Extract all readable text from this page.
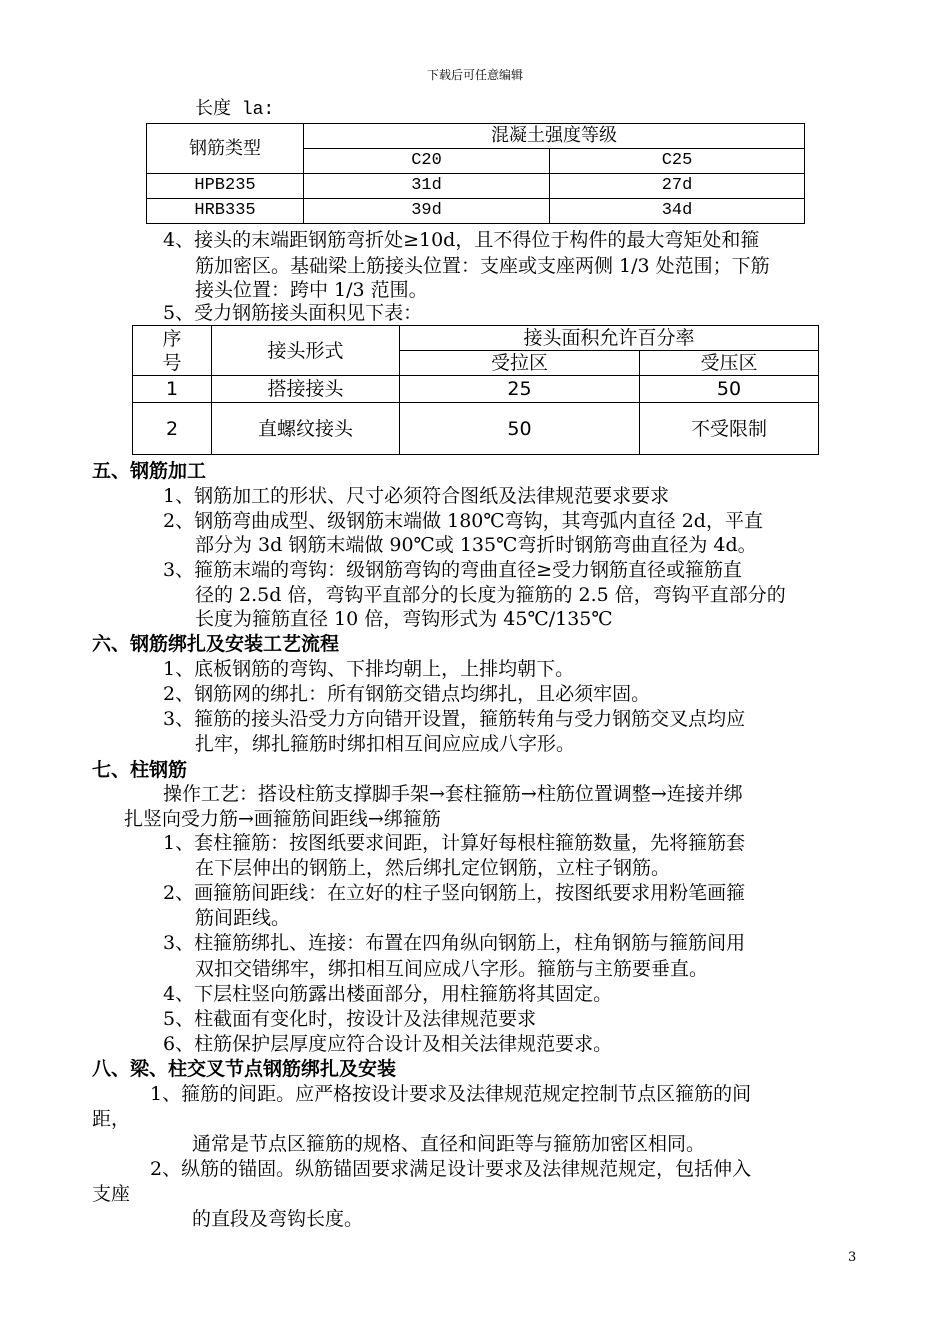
下载后可任意编辑
长度 la:
钢筋类型	混凝土强度等级	
	C20	C25
HPB235	31d	27d
HRB335	39d	34d
4、接头的末端距钢筋弯折处≥10d，且不得位于构件的最大弯矩处和箍
筋加密区。基础梁上筋接头位置：支座或支座两侧 1/3 处范围；下筋
接头位置：跨中 1/3 范围。
5、受力钢筋接头面积见下表：
序
号	接头形式	接头面积允许百分率	
		受拉区	受压区
1	搭接接头	25	50
2	直螺纹接头	50	不受限制
五、钢筋加工
1、钢筋加工的形状、尺寸必须符合图纸及法律规范要求要求
2、钢筋弯曲成型、级钢筋末端做 180℃弯钩，其弯弧内直径 2d，平直
部分为 3d 钢筋末端做 90℃或 135℃弯折时钢筋弯曲直径为 4d。
3、箍筋末端的弯钩：级钢筋弯钩的弯曲直径≥受力钢筋直径或箍筋直
径的 2.5d 倍，弯钩平直部分的长度为箍筋的 2.5 倍，弯钩平直部分的
长度为箍筋直径 10 倍，弯钩形式为 45℃/135℃
六、钢筋绑扎及安装工艺流程
1、底板钢筋的弯钩、下排均朝上，上排均朝下。
2、钢筋网的绑扎：所有钢筋交错点均绑扎，且必须牢固。
3、箍筋的接头沿受力方向错开设置，箍筋转角与受力钢筋交叉点均应
扎牢，绑扎箍筋时绑扣相互间应应成八字形。
七、柱钢筋
操作工艺：搭设柱筋支撑脚手架→套柱箍筋→柱筋位置调整→连接并绑
扎竖向受力筋→画箍筋间距线→绑箍筋
1、套柱箍筋：按图纸要求间距，计算好每根柱箍筋数量，先将箍筋套
在下层伸出的钢筋上，然后绑扎定位钢筋，立柱子钢筋。
2、画箍筋间距线：在立好的柱子竖向钢筋上，按图纸要求用粉笔画箍
筋间距线。
3、柱箍筋绑扎、连接：布置在四角纵向钢筋上，柱角钢筋与箍筋间用
双扣交错绑牢，绑扣相互间应成八字形。箍筋与主筋要垂直。
4、下层柱竖向筋露出楼面部分，用柱箍筋将其固定。
5、柱截面有变化时，按设计及法律规范要求
6、柱筋保护层厚度应符合设计及相关法律规范要求。
八、梁、柱交叉节点钢筋绑扎及安装
1、箍筋的间距。应严格按设计要求及法律规范规定控制节点区箍筋的间
距，
通常是节点区箍筋的规格、直径和间距等与箍筋加密区相同。
2、纵筋的锚固。纵筋锚固要求满足设计要求及法律规范规定，包括伸入
支座
的直段及弯钩长度。
3
